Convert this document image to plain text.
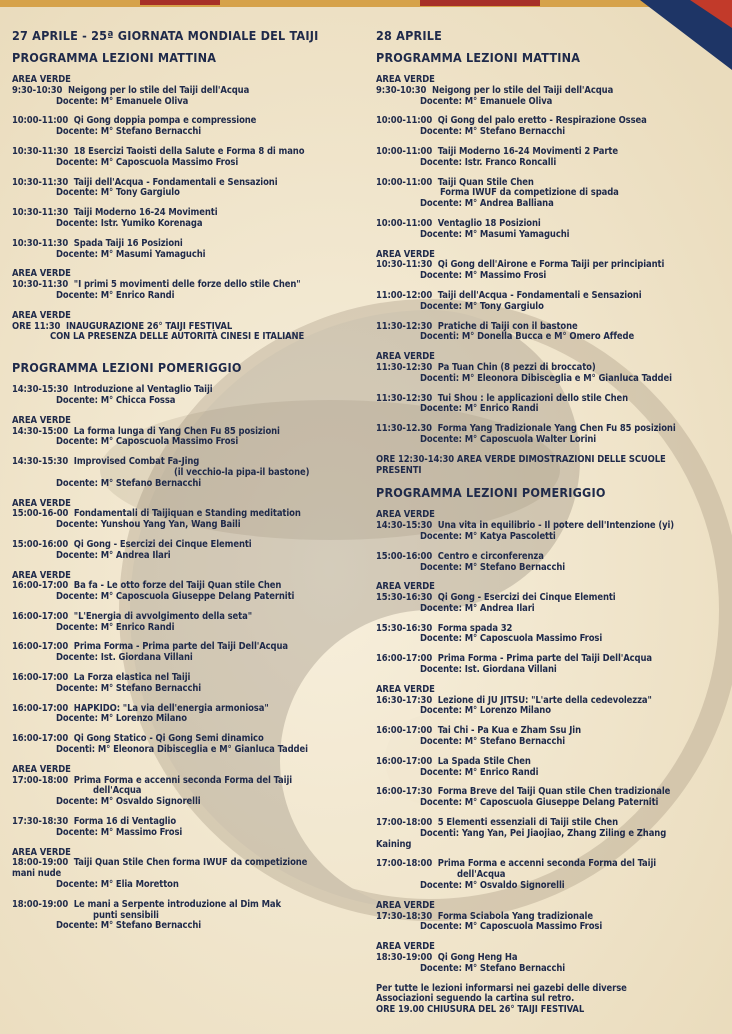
27 APRILE - 25ª GIORNATA MONDIALE DEL TAIJI
PROGRAMMA LEZIONI MATTINA
AREA VERDE
9:30-10:30 Neigong per lo stile del Taiji dell'Acqua
Docente: M° Emanuele Oliva
10:00-11:00 Qi Gong doppia pompa e compressione
Docente: M° Stefano Bernacchi
10:30-11:30 18 Esercizi Taoisti della Salute e Forma 8 di mano
Docente: M° Caposcuola Massimo Frosi
10:30-11:30 Taiji dell'Acqua - Fondamentali e Sensazioni
Docente: M° Tony Gargiulo
10:30-11:30 Taiji Moderno 16-24 Movimenti
Docente: Istr. Yumiko Korenaga
10:30-11:30 Spada Taiji 16 Posizioni
Docente: M° Masumi Yamaguchi
AREA VERDE
10:30-11:30 "I primi 5 movimenti delle forze dello stile Chen"
Docente: M° Enrico Randi
AREA VERDE
ORE 11:30  INAUGURAZIONE 26° TAIJI FESTIVAL
CON LA PRESENZA DELLE AUTORITÀ CINESI E ITALIANE
PROGRAMMA LEZIONI POMERIGGIO
14:30-15:30 Introduzione al Ventaglio Taiji
Docente: M° Chicca Fossa
AREA VERDE
14:30-15:00 La forma lunga di Yang Chen Fu 85 posizioni
Docente: M° Caposcuola Massimo Frosi
14:30-15:30 Improvised Combat Fa-Jing
(il vecchio-la pipa-il bastone)
Docente: M° Stefano Bernacchi
AREA VERDE
15:00-16-00 Fondamentali di Taijiquan e Standing meditation
Docente: Yunshou Yang Yan, Wang Baili
15:00-16:00 Qi Gong - Esercizi dei Cinque Elementi
Docente: M° Andrea Ilari
AREA VERDE
16:00-17:00 Ba fa - Le otto forze del Taiji Quan stile Chen
Docente: M° Caposcuola Giuseppe Delang Paterniti
16:00-17:00 "L'Energia di avvolgimento della seta"
Docente: M° Enrico Randi
16:00-17:00 Prima Forma - Prima parte del Taiji Dell'Acqua
Docente: Ist. Giordana Villani
16:00-17:00 La Forza elastica nel Taiji
Docente: M° Stefano Bernacchi
16:00-17:00 HAPKIDO: "La via dell'energia armoniosa"
Docente: M° Lorenzo Milano
16:00-17:00 Qi Gong Statico - Qi Gong Semi dinamico
Docenti: M° Eleonora Dibisceglia e M° Gianluca Taddei
AREA VERDE
17:00-18:00 Prima Forma e accenni seconda Forma del Taiji
dell'Acqua
Docente: M° Osvaldo Signorelli
17:30-18:30 Forma 16 di Ventaglio
Docente: M° Massimo Frosi
AREA VERDE
18:00-19:00 Taiji Quan Stile Chen forma IWUF da competizione
mani nude
Docente: M° Elia Moretton
18:00-19:00 Le mani a Serpente introduzione al Dim Mak
punti sensibili
Docente: M° Stefano Bernacchi
28 APRILE
PROGRAMMA LEZIONI MATTINA
AREA VERDE
9:30-10:30 Neigong per lo stile del Taiji dell'Acqua
Docente: M° Emanuele Oliva
10:00-11:00 Qi Gong del palo eretto - Respirazione Ossea
Docente: M° Stefano Bernacchi
10:00-11:00 Taiji Moderno 16-24 Movimenti 2 Parte
Docente: Istr. Franco Roncalli
10:00-11:00 Taiji Quan Stile Chen
Forma IWUF da competizione di spada
Docente: M° Andrea Balliana
10:00-11:00 Ventaglio 18 Posizioni
Docente: M° Masumi Yamaguchi
AREA VERDE
10:30-11:30 Qi Gong dell'Airone e Forma Taiji per principianti
Docente: M° Massimo Frosi
11:00-12:00 Taiji dell'Acqua - Fondamentali e Sensazioni
Docente: M° Tony Gargiulo
11:30-12:30 Pratiche di Taiji con il bastone
Docenti: M° Donella Bucca e M° Omero Affede
AREA VERDE
11:30-12:30 Pa Tuan Chin (8 pezzi di broccato)
Docenti: M° Eleonora Dibisceglia e M° Gianluca Taddei
11:30-12:30 Tui Shou : le applicazioni dello stile Chen
Docente: M° Enrico Randi
11:30-12.30 Forma Yang Tradizionale Yang Chen Fu 85 posizioni
Docente: M° Caposcuola Walter Lorini
ORE 12:30-14:30 AREA VERDE DIMOSTRAZIONI DELLE SCUOLE
PRESENTI
PROGRAMMA LEZIONI POMERIGGIO
AREA VERDE
14:30-15:30 Una vita in equilibrio - Il potere dell'Intenzione (yi)
Docente: M° Katya Pascoletti
15:00-16:00 Centro e circonferenza
Docente: M° Stefano Bernacchi
AREA VERDE
15:30-16:30 Qi Gong - Esercizi dei Cinque Elementi
Docente: M° Andrea Ilari
15:30-16:30 Forma spada 32
Docente: M° Caposcuola Massimo Frosi
16:00-17:00 Prima Forma - Prima parte del Taiji Dell'Acqua
Docente: Ist. Giordana Villani
AREA VERDE
16:30-17:30 Lezione di JU JITSU: "L'arte della cedevolezza"
Docente: M° Lorenzo Milano
16:00-17:00 Tai Chi - Pa Kua e Zham Ssu Jin
Docente: M° Stefano Bernacchi
16:00-17:00 La Spada Stile Chen
Docente: M° Enrico Randi
16:00-17:30 Forma Breve del Taiji Quan stile Chen tradizionale
Docente: M° Caposcuola Giuseppe Delang Paterniti
17:00-18:00 5 Elementi essenziali di Taiji stile Chen
Docenti: Yang Yan, Pei Jiaojiao, Zhang Ziling e Zhang
Kaining
17:00-18:00 Prima Forma e accenni seconda Forma del Taiji
dell'Acqua
Docente: M° Osvaldo Signorelli
AREA VERDE
17:30-18:30 Forma Sciabola Yang tradizionale
Docente: M° Caposcuola Massimo Frosi
AREA VERDE
18:30-19:00 Qi Gong Heng Ha
Docente: M° Stefano Bernacchi
Per tutte le lezioni informarsi nei gazebi delle diverse
Associazioni seguendo la cartina sul retro.
ORE 19.00 CHIUSURA DEL 26° TAIJI FESTIVAL
